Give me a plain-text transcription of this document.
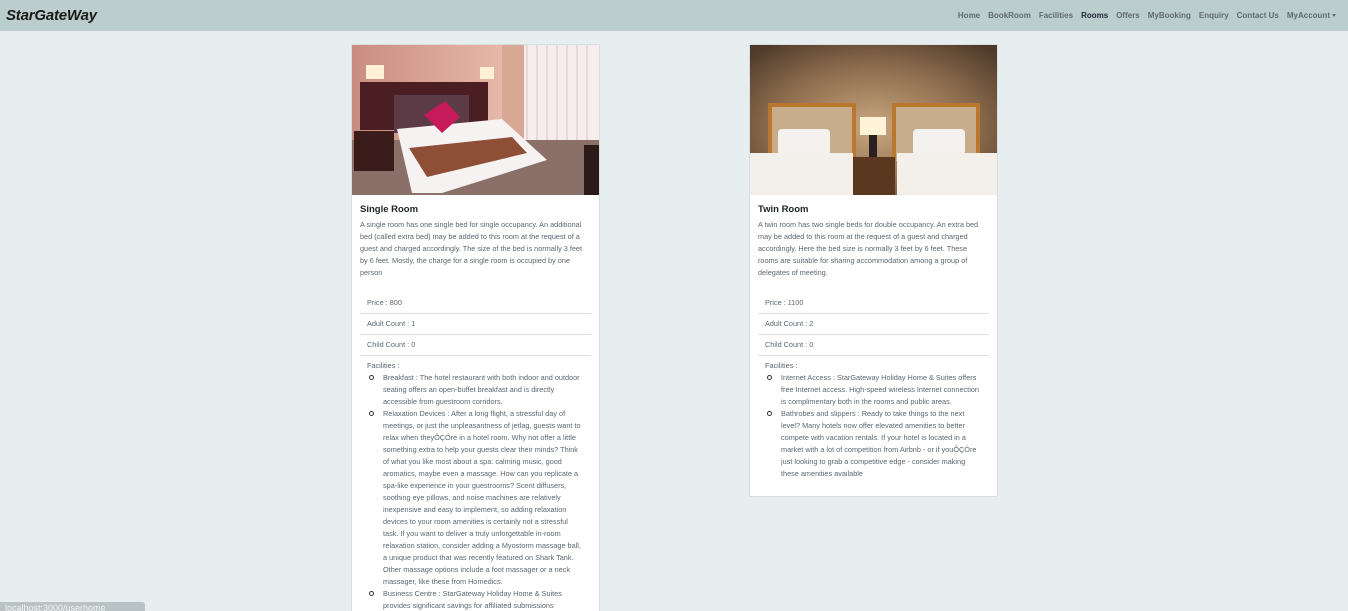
StarGateWay	Home	BookRoom	Facilities	Rooms	Offers	MyBooking	Enquiry	Contact Us	MyAccount
Single Room

A single room has one single bed for single occupancy. An additional bed (called extra bed) may be added to this room at the request of a guest and charged accordingly. The size of the bed is normally 3 feet by 6 feet. Mostly, the charge for a single room is occupied by one person

Price : 800
Adult Count : 1
Child Count : 0
Facilities :
Breakfast : The hotel restaurant with both indoor and outdoor seating offers an open-buffet breakfast and is directly accessible from guestroom corridors.
Relaxation Devices : After a long flight, a stressful day of meetings, or just the unpleasantness of jetlag, guests want to relax when theyÔÇÖre in a hotel room. Why not offer a little something extra to help your guests clear their minds? Think of what you like most about a spa: calming music, good aromatics, maybe even a massage. How can you replicate a spa-like experience in your guestrooms? Scent diffusers, soothing eye pillows, and noise machines are relatively inexpensive and easy to implement, so adding relaxation devices to your room amenities is certainly not a stressful task. If you want to deliver a truly unforgettable in-room relaxation station, consider adding a Myostorm massage ball, a unique product that was recently featured on Shark Tank. Other massage options include a foot massager or a neck massager, like these from Homedics.
Business Centre : StarGateway Holiday Home & Suites provides significant savings for affiliated submissions
Twin Room

A twin room has two single beds for double occupancy. An extra bed may be added to this room at the request of a guest and charged accordingly. Here the bed size is normally 3 feet by 6 feet. These rooms are suitable for sharing accommodation among a group of delegates of meeting.

Price : 1100
Adult Count : 2
Child Count : 0
Facilities :
Internet Access : StarGateway Holiday Home & Suites offers free Internet access. High-speed wireless Internet connection is complimentary both in the rooms and public areas.
Bathrobes and slippers : Ready to take things to the next level? Many hotels now offer elevated amenities to better compete with vacation rentals. If your hotel is located in a market with a lot of competition from Airbnb - or if youÔÇÖre just looking to grab a competitive edge - consider making these amenities available
localhost:3000/userhome
